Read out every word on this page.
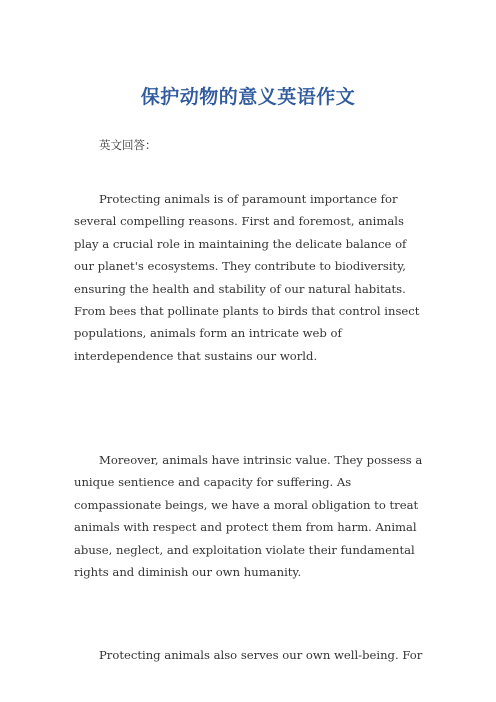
保护动物的意义英语作文

英文回答：

Protecting animals is of paramount importance for several compelling reasons. First and foremost, animals play a crucial role in maintaining the delicate balance of our planet's ecosystems. They contribute to biodiversity, ensuring the health and stability of our natural habitats. From bees that pollinate plants to birds that control insect populations, animals form an intricate web of interdependence that sustains our world.

Moreover, animals have intrinsic value. They possess a unique sentience and capacity for suffering. As compassionate beings, we have a moral obligation to treat animals with respect and protect them from harm. Animal abuse, neglect, and exploitation violate their fundamental rights and diminish our own humanity.

Protecting animals also serves our own well-being. For
